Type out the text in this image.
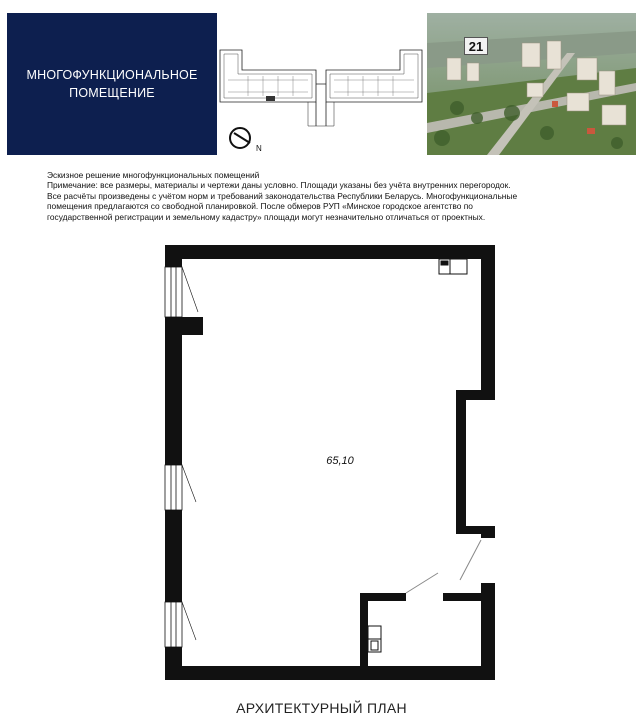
МНОГОФУНКЦИОНАЛЬНОЕ
ПОМЕЩЕНИЕ
N
21

Эскизное решение многофункциональных помещений

Примечание: все размеры, материалы и чертежи даны условно. Площади указаны без учёта внутренних перегородок.

Все расчёты произведены с учётом норм и требований законодательства Республики Беларусь. Многофункциональные

помещения предлагаются со свободной планировкой. После обмеров РУП «Минское городское агентство по

государственной регистрации и земельному кадастру» площади могут незначительно отличаться от проектных.

65,10
АРХИТЕКТУРНЫЙ ПЛАН
